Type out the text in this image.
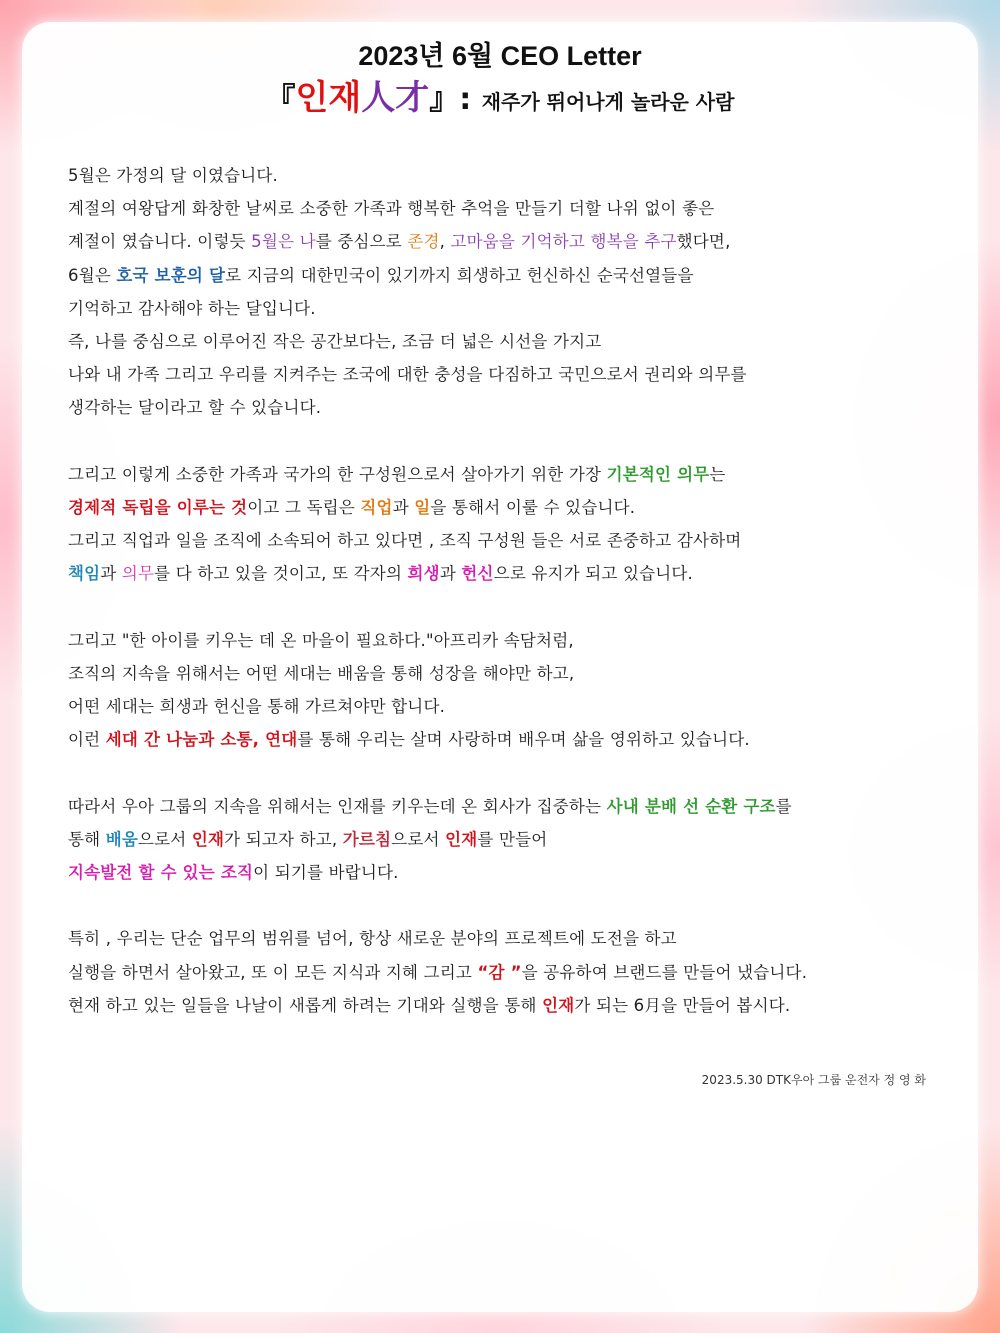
2023년 6월 CEO Letter
『인재人才』: 재주가 뛰어나게 놀라운 사람
5월은 가정의 달 이였습니다.
계절의 여왕답게 화창한 날씨로 소중한 가족과 행복한 추억을 만들기 더할 나위 없이 좋은
계절이 였습니다. 이렇듯 5월은 나를 중심으로 존경, 고마움을 기억하고 행복을 추구했다면,
6월은 호국 보훈의 달로 지금의 대한민국이 있기까지 희생하고 헌신하신 순국선열들을
기억하고 감사해야 하는 달입니다.
즉, 나를 중심으로 이루어진 작은 공간보다는, 조금 더 넓은 시선을 가지고
나와 내 가족 그리고 우리를 지켜주는 조국에 대한 충성을 다짐하고 국민으로서 권리와 의무를
생각하는 달이라고 할 수 있습니다.
그리고 이렇게 소중한 가족과 국가의 한 구성원으로서 살아가기 위한 가장 기본적인 의무는
경제적 독립을 이루는 것이고 그 독립은 직업과 일을 통해서 이룰 수 있습니다.
그리고 직업과 일을 조직에 소속되어 하고 있다면 , 조직 구성원 들은 서로 존중하고 감사하며
책임과 의무를 다 하고 있을 것이고, 또 각자의 희생과 헌신으로 유지가 되고 있습니다.
그리고 "한 아이를 키우는 데 온 마을이 필요하다."아프리카 속담처럼,
조직의 지속을 위해서는 어떤 세대는 배움을 통해 성장을 해야만 하고,
어떤 세대는 희생과 헌신을 통해 가르쳐야만 합니다.
이런 세대 간 나눔과 소통, 연대를 통해 우리는 살며 사랑하며 배우며 삶을 영위하고 있습니다.
따라서 우아 그룹의 지속을 위해서는 인재를 키우는데 온 회사가 집중하는 사내 분배 선 순환 구조를
통해 배움으로서 인재가 되고자 하고, 가르침으로서 인재를 만들어
지속발전 할 수 있는 조직이 되기를 바랍니다.
특히 , 우리는 단순 업무의 범위를 넘어, 항상 새로운 분야의 프로젝트에 도전을 하고
실행을 하면서 살아왔고, 또 이 모든 지식과 지혜 그리고 “감 ”을 공유하여 브랜드를 만들어 냈습니다.
현재 하고 있는 일들을 나날이 새롭게 하려는 기대와 실행을 통해 인재가 되는 6月을 만들어 봅시다.
2023.5.30 DTK우아 그룹 운전자 정 영 화
